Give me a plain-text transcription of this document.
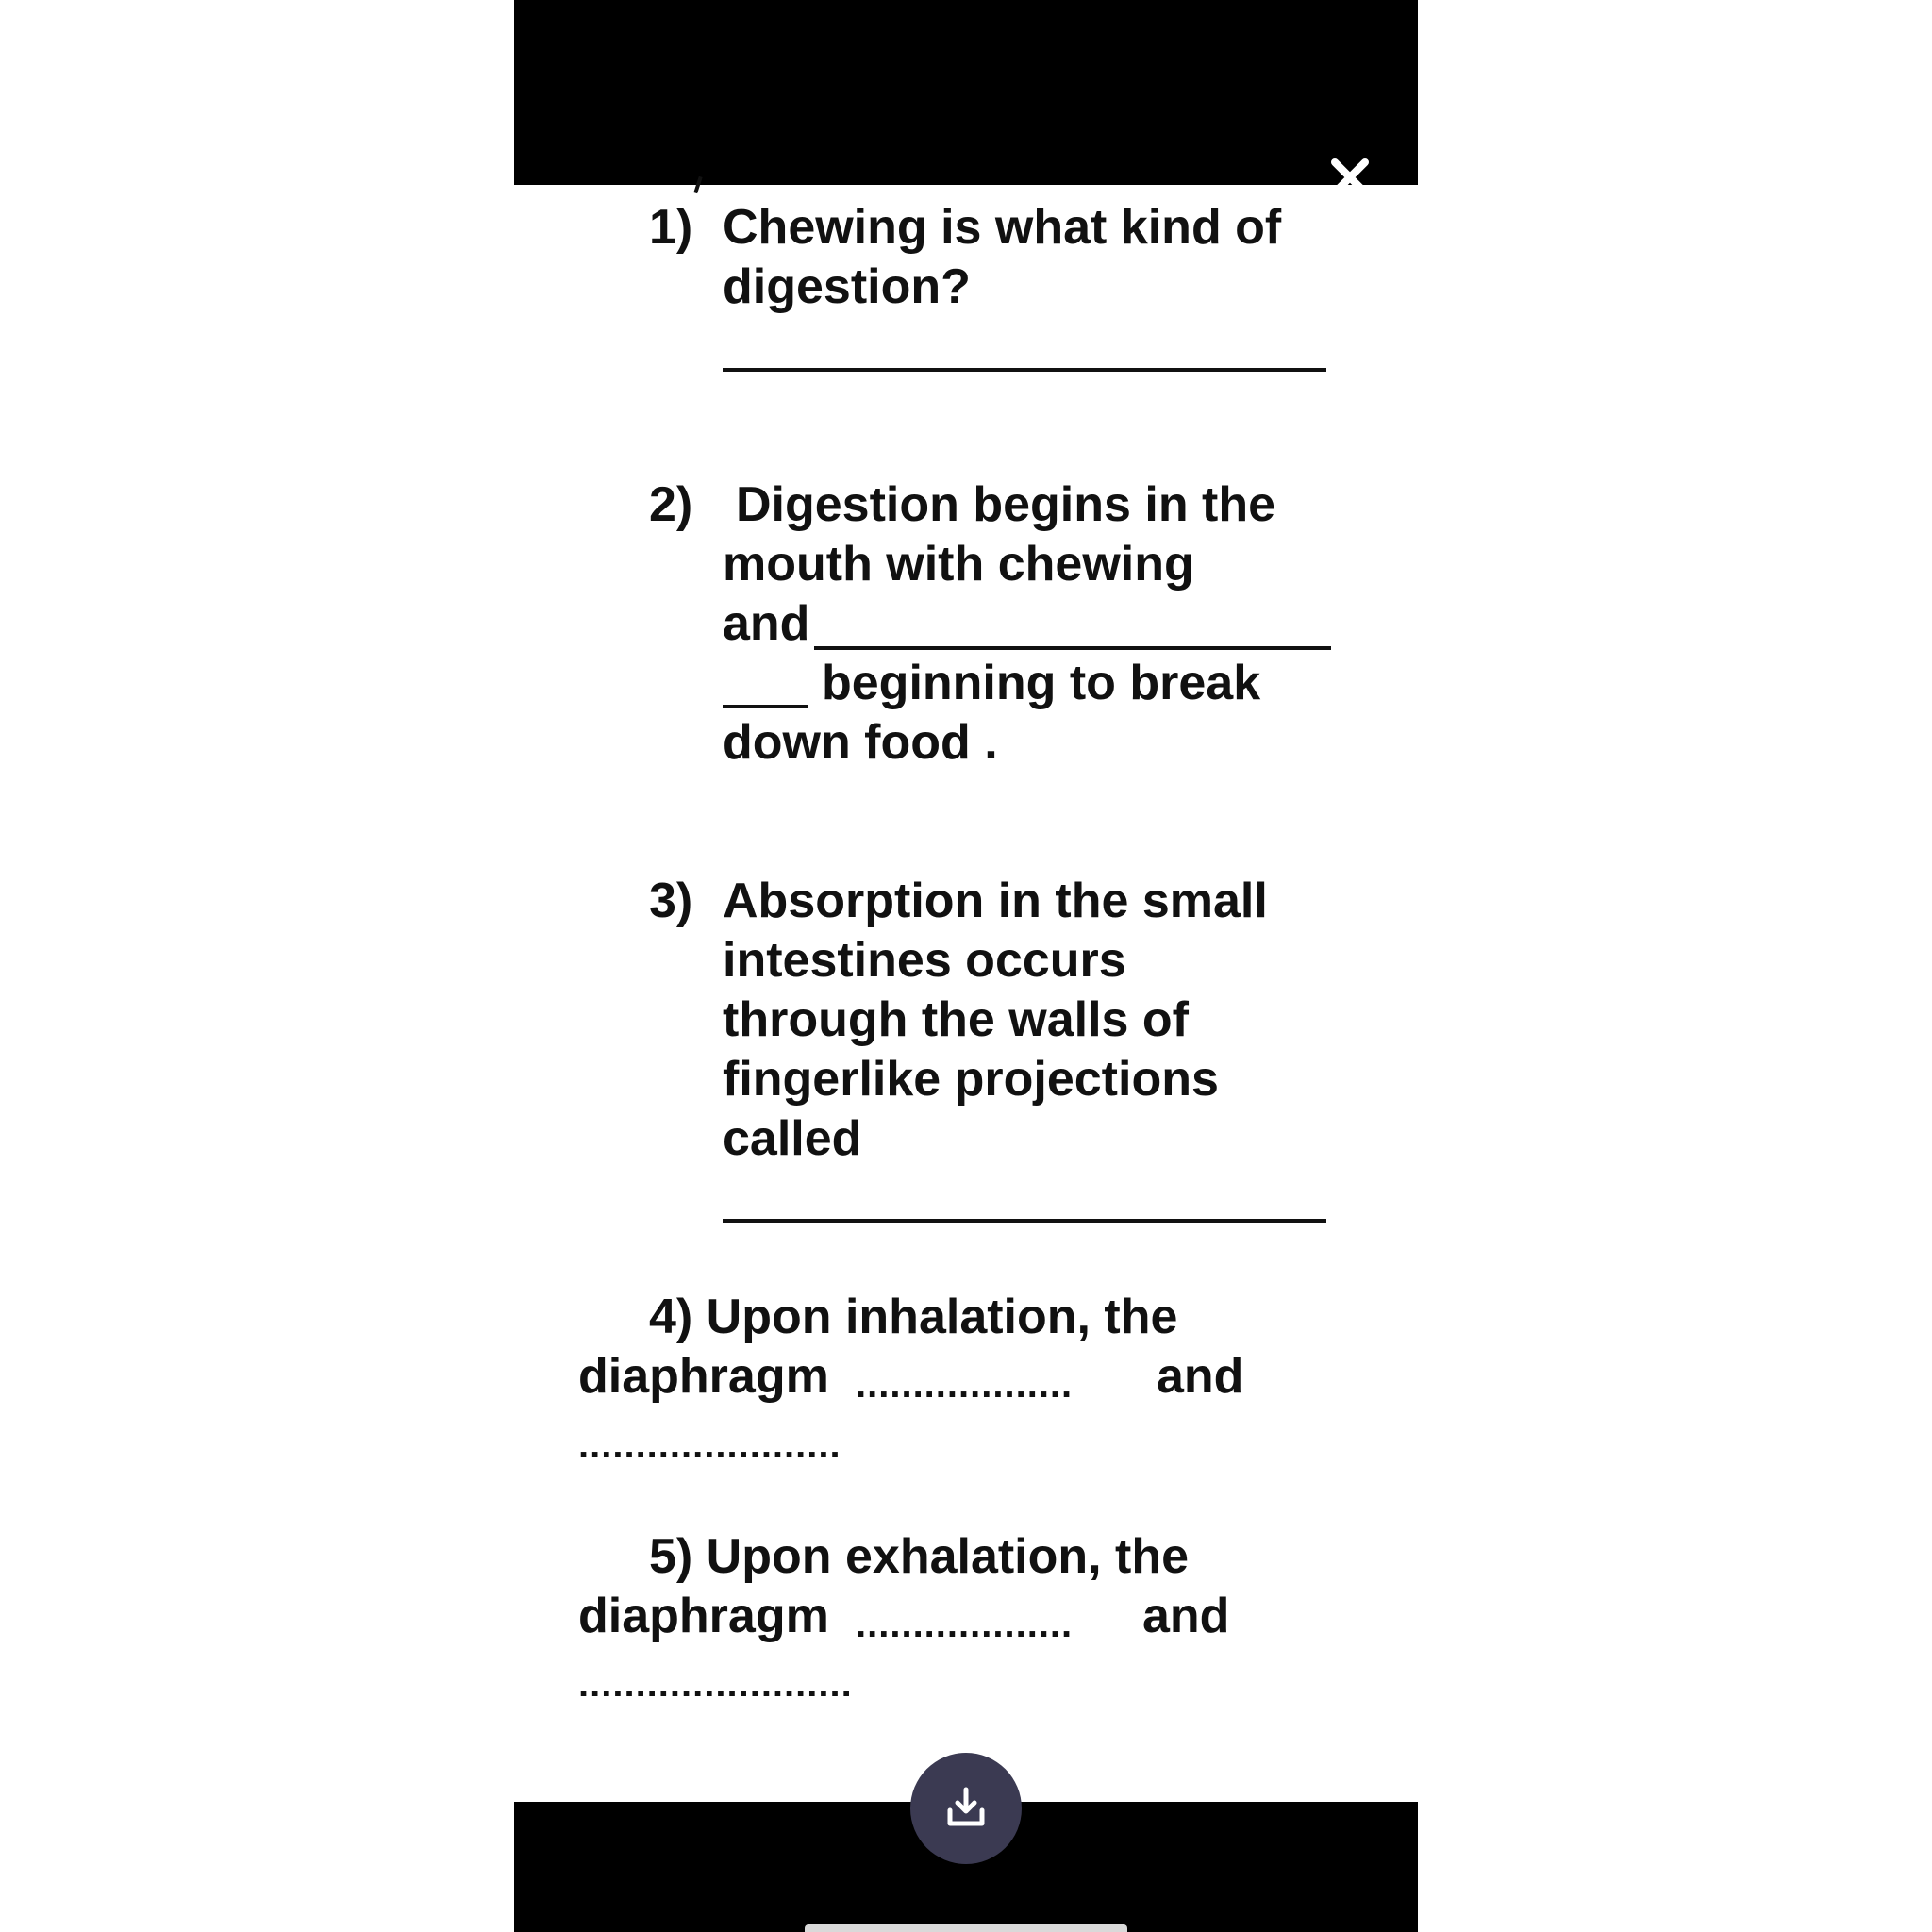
1) Chewing is what kind of
digestion?
2) Digestion begins in the
mouth with chewing
and
beginning to break
down food .
3) Absorption in the small
intestines occurs
through the walls of
fingerlike projections
called
4) Upon inhalation, the
diaphragm ................... and
.......................
5) Upon exhalation, the
diaphragm ................... and
........................
